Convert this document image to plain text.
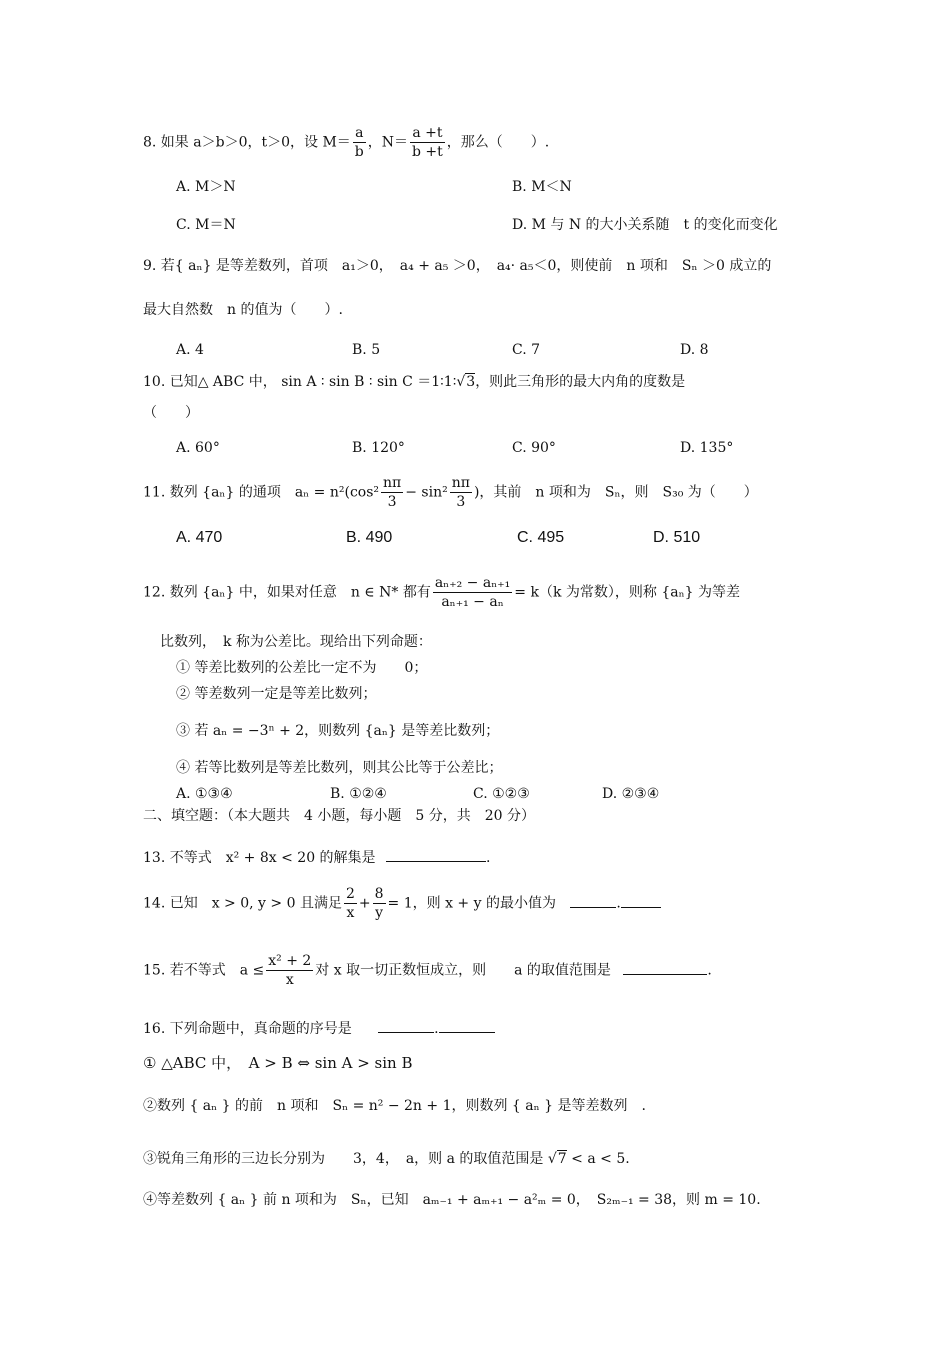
8. 如果 a＞b＞0，t＞0，设 $M= \frac{a}{b}$ ，$N= \frac{a +t}{b +t}$ ，那么（　　）.
A. M＞N	B. M＜N
C. M＝N	D. M 与 N 的大小关系随　t 的变化而变化
9. 若{ aₙ} 是等差数列，首项　a₁＞0，　a₄ + a₅ ＞0，　a₄· a₅＜0，则使前　n 项和　Sₙ ＞0 成立的
最大自然数　n 的值为（　　）.
A. 4	B. 5	C. 7	D. 8
10. 已知△ ABC 中， sin A ∶ sin B ∶ sin C ＝1∶1∶√3，则此三角形的最大内角的度数是
（　　）
A. 60°	B. 120°	C. 90°	D. 135°
11. 数列 {aₙ} 的通项　$a_n = n^2(\cos^2 \frac{n\pi}{3} - \sin^2 \frac{n\pi}{3}$ )，其前　n 项和为　Sₙ，则　S₃₀ 为（　　）
A. 470	B. 490	C. 495	D. 510
12. 数列 {aₙ} 中，如果对任意　n ∈ N* 都有 $\frac{\text{aₙ₊₂ − aₙ₊₁}}{\text{aₙ₊₁ − aₙ}} = k(k$ 为常数），则称 {aₙ} 为等差
比数列，　k 称为公差比。现给出下列命题：
① 等差比数列的公差比一定不为　　0；
② 等差数列一定是等差比数列；
③ 若 aₙ = −3ⁿ + 2，则数列 {aₙ} 是等差比数列；
④ 若等比数列是等差比数列，则其公比等于公差比；
A. ①③④	B. ①②④	C. ①②③	D. ②③④
二、填空题：（本大题共　4 小题，每小题　5 分，共　20 分）
13. 不等式　x² + 8x < 20 的解集是	.
14. 已知　x > 0, y > 0 且满足 $\frac{2}{x} + \frac{8}{y} = 1$，则 x + y 的最小值为	.
15. 若不等式　$a \le \frac{\text{x² + 2}}{x}$ 对 x 取一切正数恒成立，则　　a 的取值范围是	.
16. 下列命题中，真命题的序号是	.
① △ABC 中，　A > B ⇔ sin A > sin B
②数列 { aₙ } 的前　n 项和　Sₙ = n² − 2n + 1，则数列 { aₙ } 是等差数列　.
③锐角三角形的三边长分别为　　3，4，　a，则 a 的取值范围是 √7 < a < 5.
④等差数列 { aₙ } 前 n 项和为　Sₙ，已知　aₘ₋₁ + aₘ₊₁ − a²ₘ = 0，　S₂ₘ₋₁ = 38，则 m = 10.
